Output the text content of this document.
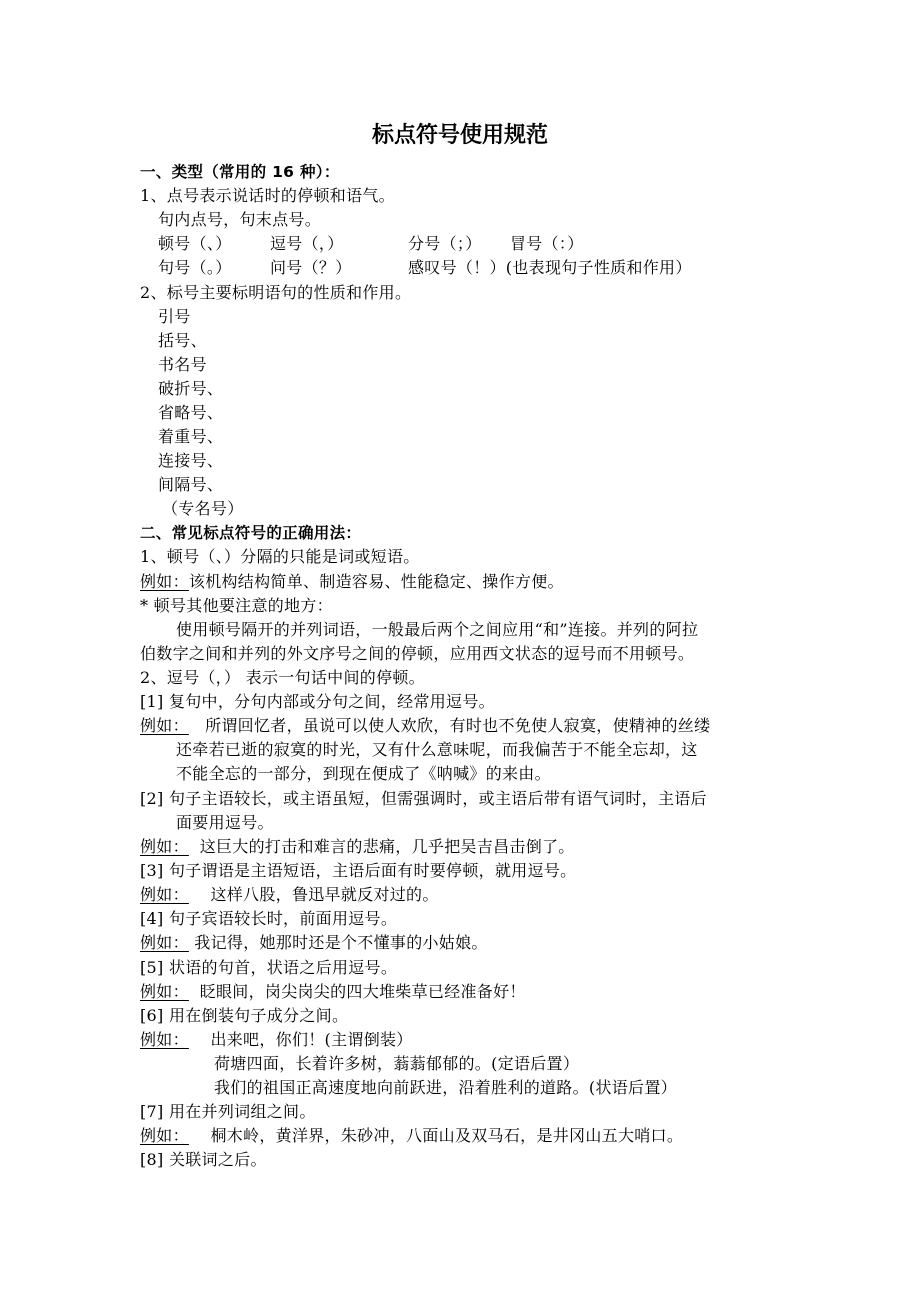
标点符号使用规范
一、类型（常用的 16 种）：
1、点号表示说话时的停顿和语气。
句内点号，句末点号。
顿号（、） 逗号（，）	分号（；） 冒号（：）
句号（。） 问号（？）	感叹号（！）(也表现句子性质和作用）
2、标号主要标明语句的性质和作用。
引号
括号、
书名号
破折号、
省略号、
着重号、
连接号、
间隔号、
（专名号）
二、常见标点符号的正确用法：
1、顿号（、）分隔的只能是词或短语。
例如：该机构结构简单、制造容易、性能稳定、操作方便。
* 顿号其他要注意的地方：
使用顿号隔开的并列词语，一般最后两个之间应用“和”连接。并列的阿拉
伯数字之间和并列的外文序号之间的停顿，应用西文状态的逗号而不用顿号。
2、逗号（，） 表示一句话中间的停顿。
[1] 复句中，分句内部或分句之间，经常用逗号。
例如： 所谓回忆者，虽说可以使人欢欣，有时也不免使人寂寞，使精神的丝缕
还牵若已逝的寂寞的时光，又有什么意味呢，而我偏苦于不能全忘却，这
不能全忘的一部分，到现在便成了《呐喊》的来由。
[2] 句子主语较长，或主语虽短，但需强调时，或主语后带有语气词时，主语后
面要用逗号。
例如： 这巨大的打击和难言的悲痛，几乎把吴吉昌击倒了。
[3] 句子谓语是主语短语，主语后面有时要停顿，就用逗号。
例如： 这样八股，鲁迅早就反对过的。
[4] 句子宾语较长时，前面用逗号。
例如： 我记得，她那时还是个不懂事的小姑娘。
[5] 状语的句首，状语之后用逗号。
例如： 眨眼间，岗尖岗尖的四大堆柴草已经准备好！
[6] 用在倒装句子成分之间。
例如： 出来吧，你们！(主谓倒装）
荷塘四面，长着许多树，蓊蓊郁郁的。(定语后置）
我们的祖国正高速度地向前跃进，沿着胜利的道路。(状语后置）
[7] 用在并列词组之间。
例如： 桐木岭，黄洋界，朱砂冲，八面山及双马石，是井冈山五大哨口。
[8] 关联词之后。
